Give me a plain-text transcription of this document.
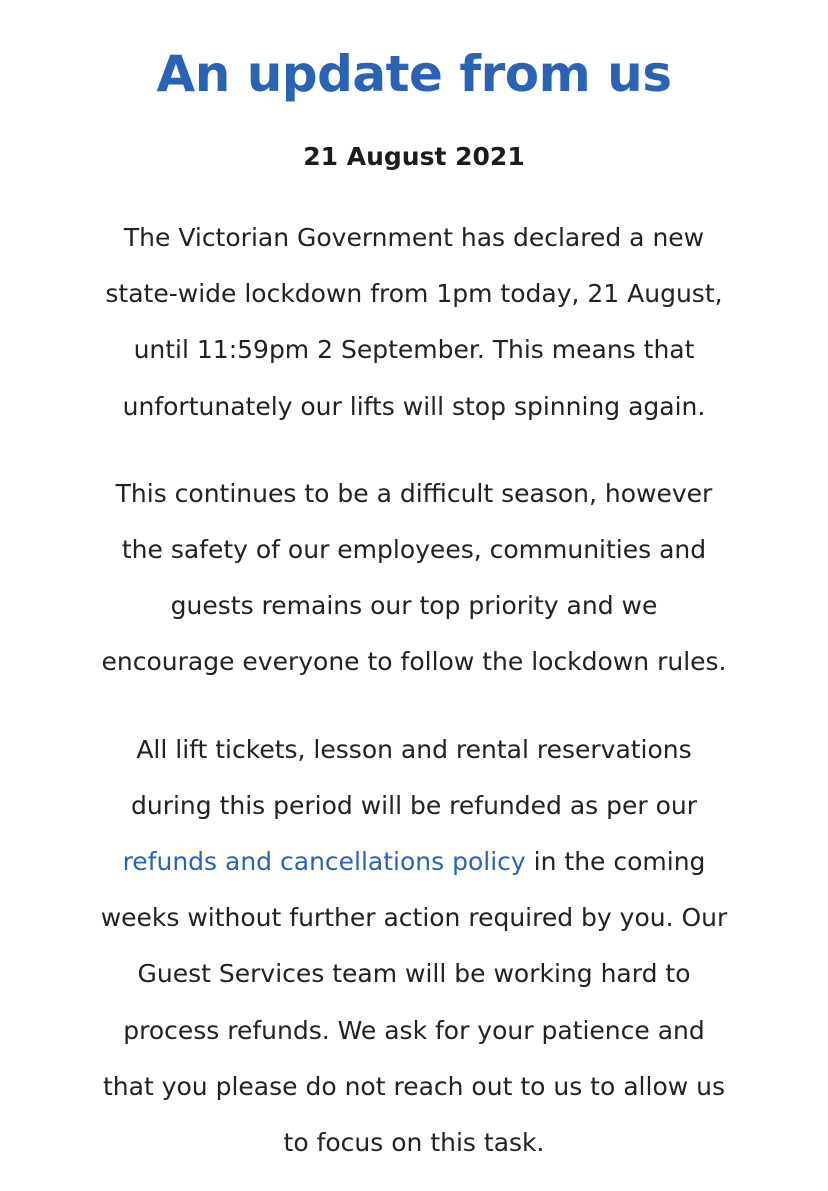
An update from us
21 August 2021

The Victorian Government has declared a new
state-wide lockdown from 1pm today, 21 August,
until 11:59pm 2 September. This means that
unfortunately our lifts will stop spinning again.

This continues to be a difficult season, however
the safety of our employees, communities and
guests remains our top priority and we
encourage everyone to follow the lockdown rules.

All lift tickets, lesson and rental reservations
during this period will be refunded as per our
refunds and cancellations policy in the coming
weeks without further action required by you. Our
Guest Services team will be working hard to
process refunds. We ask for your patience and
that you please do not reach out to us to allow us
to focus on this task.
